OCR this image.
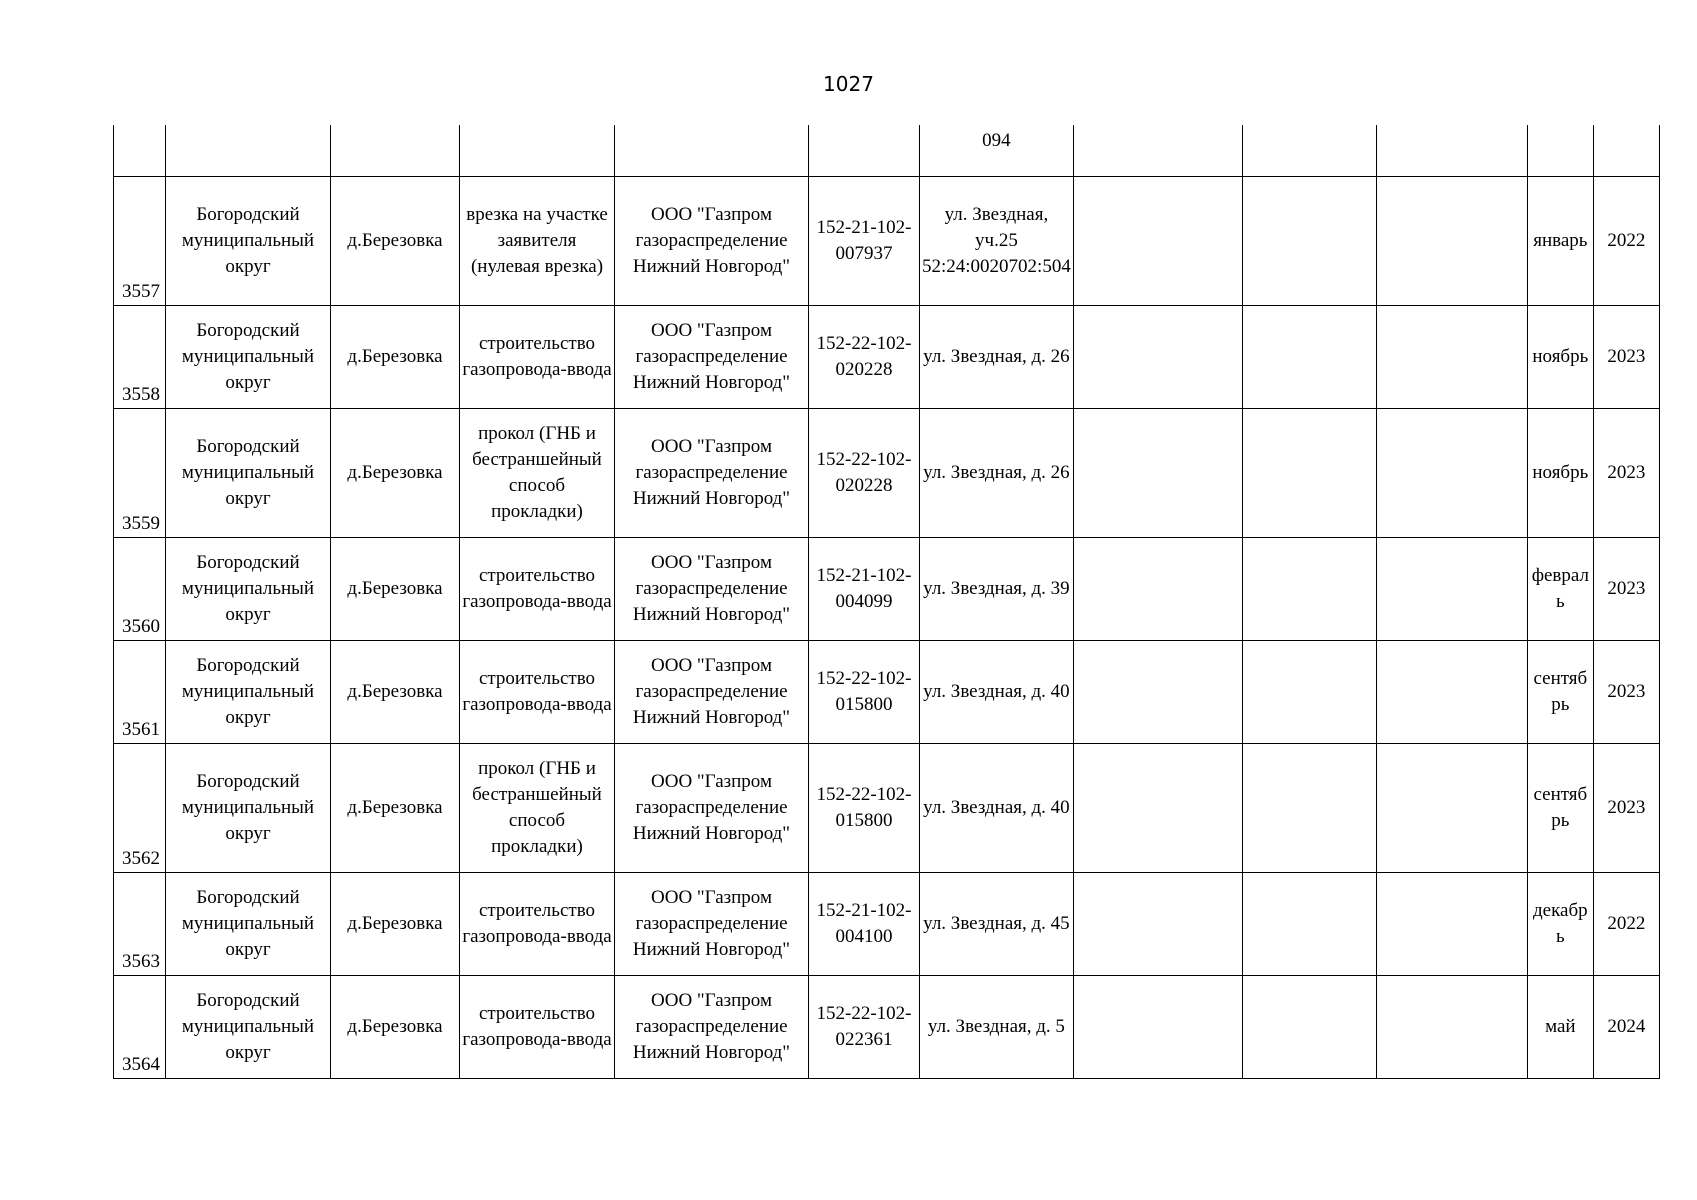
1027
						094					
3557	Богородский муниципальный округ	д.Березовка	врезка на участке заявителя (нулевая врезка)	ООО "Газпром газораспределение Нижний Новгород"	152-21-102-007937	ул. Звездная, уч.25 52:24:0020702:504				январь	2022
3558	Богородский муниципальный округ	д.Березовка	строительство газопровода-ввода	ООО "Газпром газораспределение Нижний Новгород"	152-22-102-020228	ул. Звездная, д. 26				ноябрь	2023
3559	Богородский муниципальный округ	д.Березовка	прокол (ГНБ и бестраншейный способ прокладки)	ООО "Газпром газораспределение Нижний Новгород"	152-22-102-020228	ул. Звездная, д. 26				ноябрь	2023
3560	Богородский муниципальный округ	д.Березовка	строительство газопровода-ввода	ООО "Газпром газораспределение Нижний Новгород"	152-21-102-004099	ул. Звездная, д. 39				февраль	2023
3561	Богородский муниципальный округ	д.Березовка	строительство газопровода-ввода	ООО "Газпром газораспределение Нижний Новгород"	152-22-102-015800	ул. Звездная, д. 40				сентябрь	2023
3562	Богородский муниципальный округ	д.Березовка	прокол (ГНБ и бестраншейный способ прокладки)	ООО "Газпром газораспределение Нижний Новгород"	152-22-102-015800	ул. Звездная, д. 40				сентябрь	2023
3563	Богородский муниципальный округ	д.Березовка	строительство газопровода-ввода	ООО "Газпром газораспределение Нижний Новгород"	152-21-102-004100	ул. Звездная, д. 45				декабрь	2022
3564	Богородский муниципальный округ	д.Березовка	строительство газопровода-ввода	ООО "Газпром газораспределение Нижний Новгород"	152-22-102-022361	ул. Звездная, д. 5				май	2024
